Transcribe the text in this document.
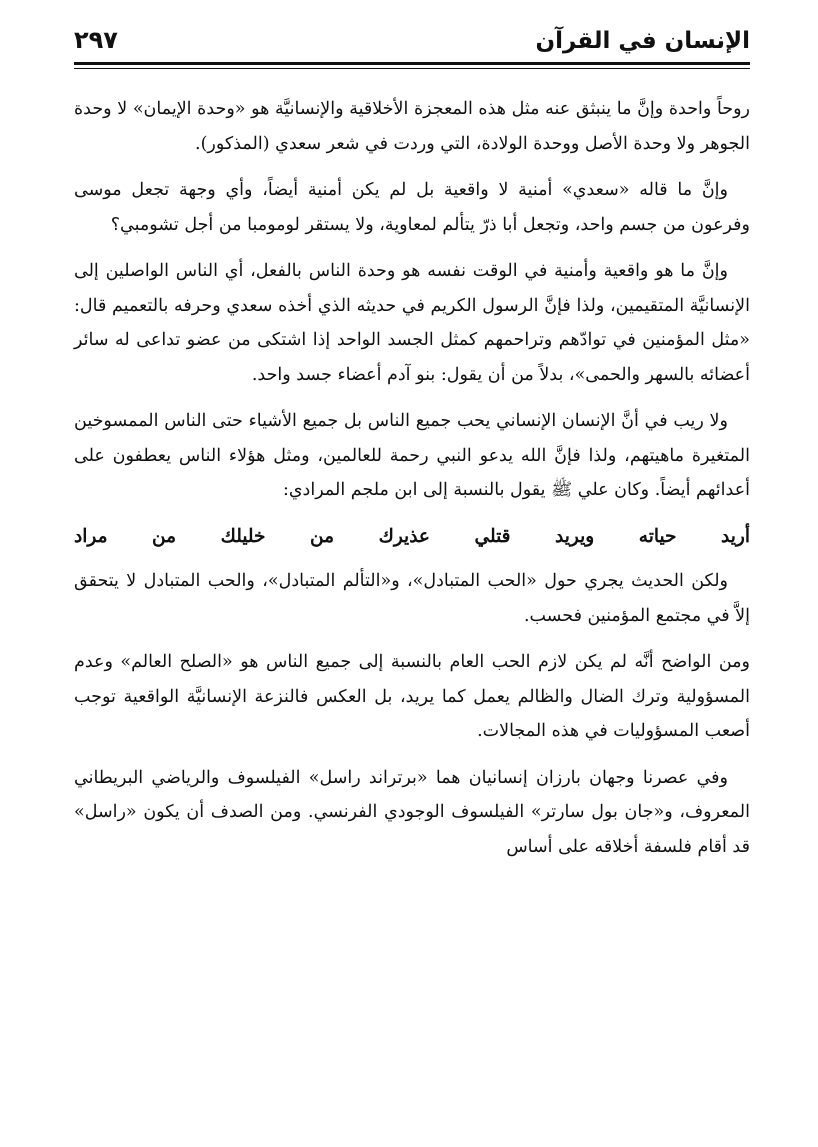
الإنسان في القرآن
٢٩٧

روحاً واحدة وإنَّ ما ينبثق عنه مثل هذه المعجزة الأخلاقية والإنسانيَّة هو «وحدة الإيمان» لا وحدة الجوهر ولا وحدة الأصل ووحدة الولادة، التي وردت في شعر سعدي (المذكور).

وإنَّ ما قاله «سعدي» أمنية لا واقعية بل لم يكن أمنية أيضاً، وأي وجهة تجعل موسى وفرعون من جسم واحد، وتجعل أبا ذرّ يتألم لمعاوية، ولا يستقر لومومبا من أجل تشومبي؟

وإنَّ ما هو واقعية وأمنية في الوقت نفسه هو وحدة الناس بالفعل، أي الناس الواصلين إلى الإنسانيَّة المتقيمين، ولذا فإنَّ الرسول الكريم في حديثه الذي أخذه سعدي وحرفه بالتعميم قال: «مثل المؤمنين في توادّهم وتراحمهم كمثل الجسد الواحد إذا اشتكى من عضو تداعى له سائر أعضائه بالسهر والحمى»، بدلاً من أن يقول: بنو آدم أعضاء جسد واحد.

ولا ريب في أنَّ الإنسان الإنساني يحب جميع الناس بل جميع الأشياء حتى الناس الممسوخين المتغيرة ماهيتهم، ولذا فإنَّ الله يدعو النبي رحمة للعالمين، ومثل هؤلاء الناس يعطفون على أعدائهم أيضاً. وكان علي ﷺ يقول بالنسبة إلى ابن ملجم المرادي:

أريد حياته ويريد قتلي عذيرك من خليلك من مراد

ولكن الحديث يجري حول «الحب المتبادل»، و«التألم المتبادل»، والحب المتبادل لا يتحقق إلاَّ في مجتمع المؤمنين فحسب.

ومن الواضح أنَّه لم يكن لازم الحب العام بالنسبة إلى جميع الناس هو «الصلح العالم» وعدم المسؤولية وترك الضال والظالم يعمل كما يريد، بل العكس فالنزعة الإنسانيَّة الواقعية توجب أصعب المسؤوليات في هذه المجالات.

وفي عصرنا وجهان بارزان إنسانيان هما «برتراند راسل» الفيلسوف والرياضي البريطاني المعروف، و«جان بول سارتر» الفيلسوف الوجودي الفرنسي. ومن الصدف أن يكون «راسل» قد أقام فلسفة أخلاقه على أساس
